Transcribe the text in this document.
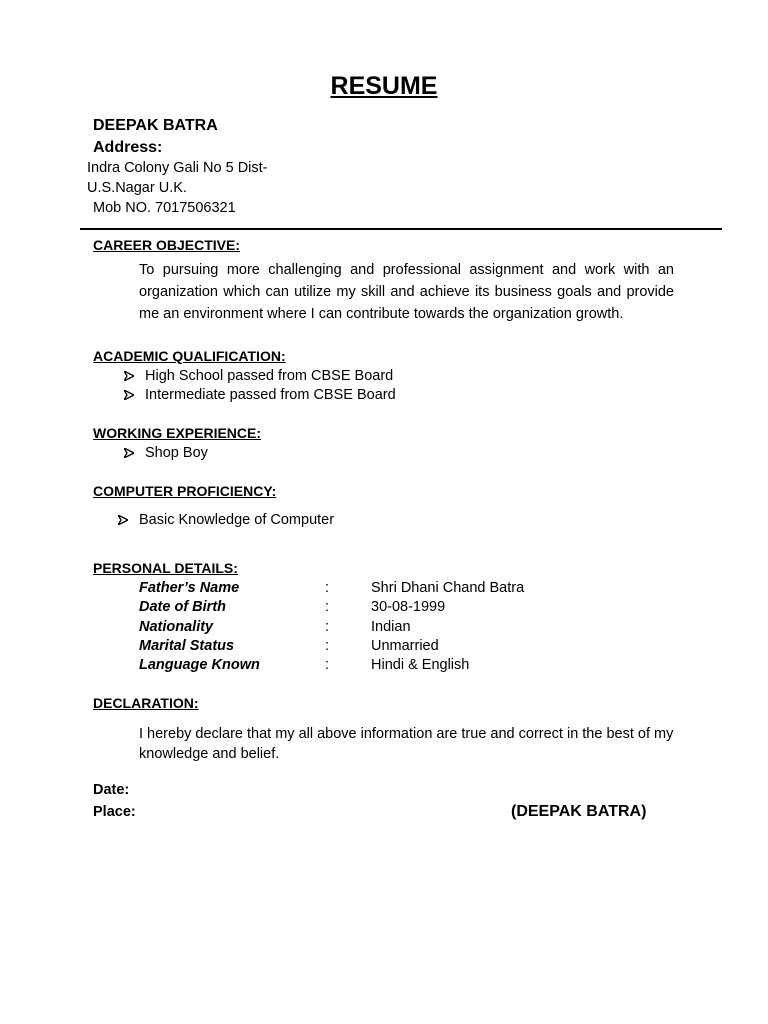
RESUME
DEEPAK BATRA
Address:
Indra Colony Gali No 5 Dist-
U.S.Nagar U.K.
Mob NO. 7017506321
CAREER OBJECTIVE:
To pursuing more challenging and professional assignment and work with an organization which can utilize my skill and achieve its business goals and provide me an environment where I can contribute towards the organization growth.
ACADEMIC QUALIFICATION:
High School passed from CBSE Board
Intermediate passed from CBSE Board
WORKING EXPERIENCE:
Shop Boy
COMPUTER PROFICIENCY:
Basic Knowledge of Computer
PERSONAL DETAILS:
Father’s Name	:	Shri Dhani Chand Batra
Date of Birth	:	30-08-1999
Nationality	:	Indian
Marital Status	:	Unmarried
Language Known	:	Hindi & English
DECLARATION:
I hereby declare that my all above information are true and correct in the best of my knowledge and belief.
Date:
Place:	(DEEPAK BATRA)
